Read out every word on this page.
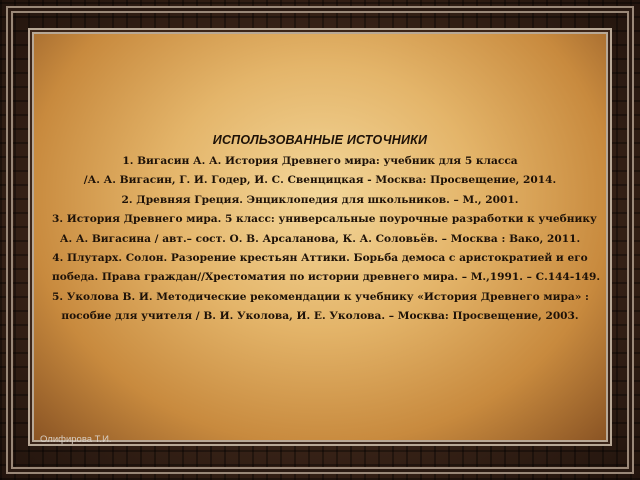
ИСПОЛЬЗОВАННЫЕ ИСТОЧНИКИ
1. Вигасин А. А. История Древнего мира: учебник для 5 класса
/А. А. Вигасин, Г. И. Годер, И. С. Свенцицкая - Москва: Просвещение, 2014.
2. Древняя Греция. Энциклопедия для школьников. – М., 2001.
3. История Древнего мира. 5 класс: универсальные поурочные разработки к учебнику
А. А. Вигасина / авт.– сост. О. В. Арсаланова, К. А. Соловьёв. – Москва : Вако, 2011.
4. Плутарх. Солон. Разорение крестьян Аттики. Борьба демоса с аристократией и его
победа. Права граждан//Хрестоматия по истории древнего мира. – М.,1991. – С.144-149.
5. Уколова В. И. Методические рекомендации к учебнику «История Древнего мира» :
пособие для учителя / В. И. Уколова, И. Е. Уколова. – Москва: Просвещение, 2003.
Олифирова Т.И.
